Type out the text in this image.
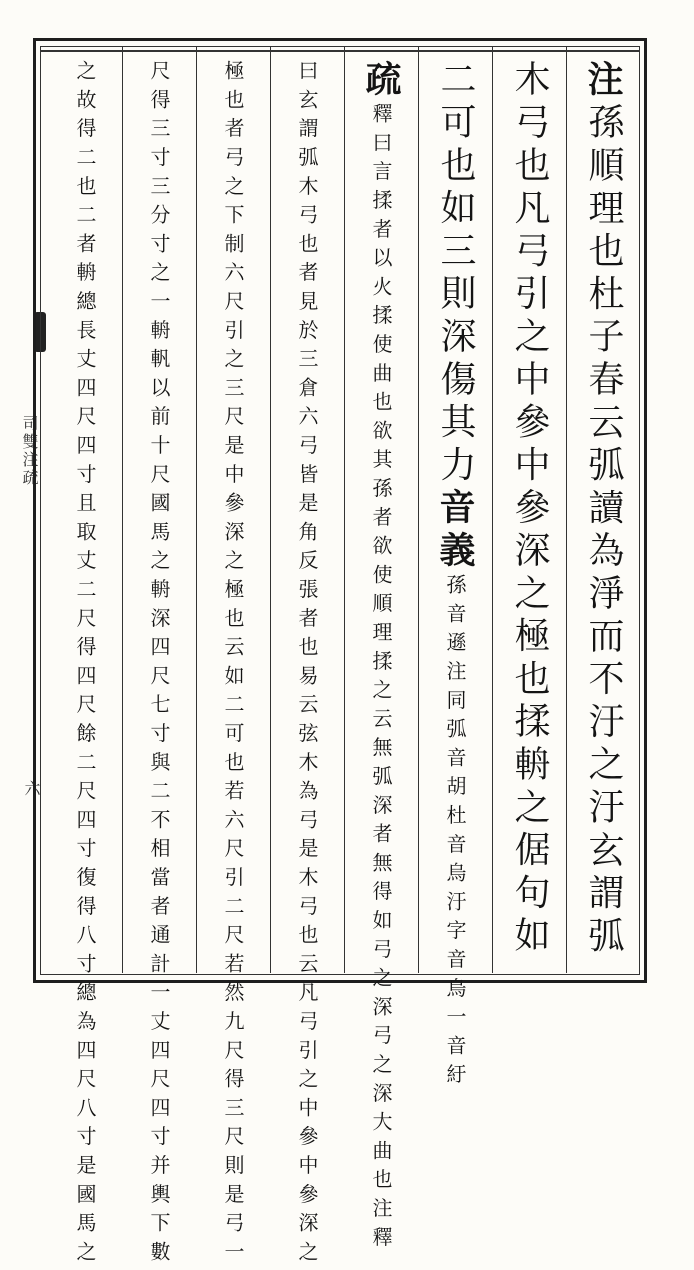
司雙注疏
六
注
孫順理也杜子春云弧讀為淨而不汙之汙玄謂弧
木弓也凡弓引之中參中參深之極也揉輈之倨句如
二可也如三則深傷其力
音義
孫音遜注同弧音胡杜音烏汙字音烏一音紆
疏
釋曰言揉者以火揉使曲也欲其孫者欲使順理揉之云無弧深者無得如弓之深弓之深大曲也注釋
曰玄謂弧木弓也者見於三倉六弓皆是角反張者也易云弦木為弓是木弓也云凡弓引之中參中參深之
極也者弓之下制六尺引之三尺是中參深之極也云如二可也若六尺引二尺若然九尺得三尺則是弓一
尺得三寸三分寸之一輈軓以前十尺國馬之輈深四尺七寸與二不相當者通計一丈四尺四寸并輿下數
之故得二也二者輈總長丈四尺四寸且取丈二尺得四尺餘二尺四寸復得八寸總為四尺八寸是國馬之
